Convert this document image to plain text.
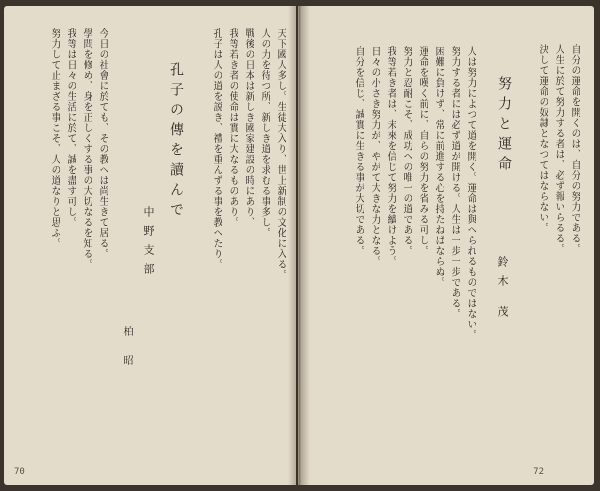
天下國人多し。生徒大入り、世上新制の文化に入る。
人の力を待つ所、新しき道を求むる事多し。
戰後の日本は新しき國家建設の時にあり、
我等若き者の使命は實に大なるものあり。
孔子は人の道を説き、禮を重んずる事を教へたり。
孔子の傳を讀んで
中野支部
柏 昭
今日の社會に於ても、その教へは尚生きて居る。
學問を修め、身を正しくする事の大切なるを知る。
我等は日々の生活に於て、誠を盡す可し。
努力して止まざる事こそ、人の道なりと思ふ。
70
自分の運命を開くのは、自分の努力である。
人生に於て努力する者は、必ず報いらるる。
決して運命の奴隷となつてはならない。
努力と運命
鈴木 茂
人は努力によつて道を開く。運命は與へられるものではない。
努力する者には必ず道が開ける。人生は一歩一歩である。
困難に負けず、常に前進する心を持たねばならぬ。
運命を嘆く前に、自らの努力を省みる可し。
努力と忍耐こそ、成功への唯一の道である。
我等若き者は、未來を信じて努力を續けよう。
日々の小さき努力が、やがて大きな力となる。
自分を信じ、誠實に生きる事が大切である。
72
